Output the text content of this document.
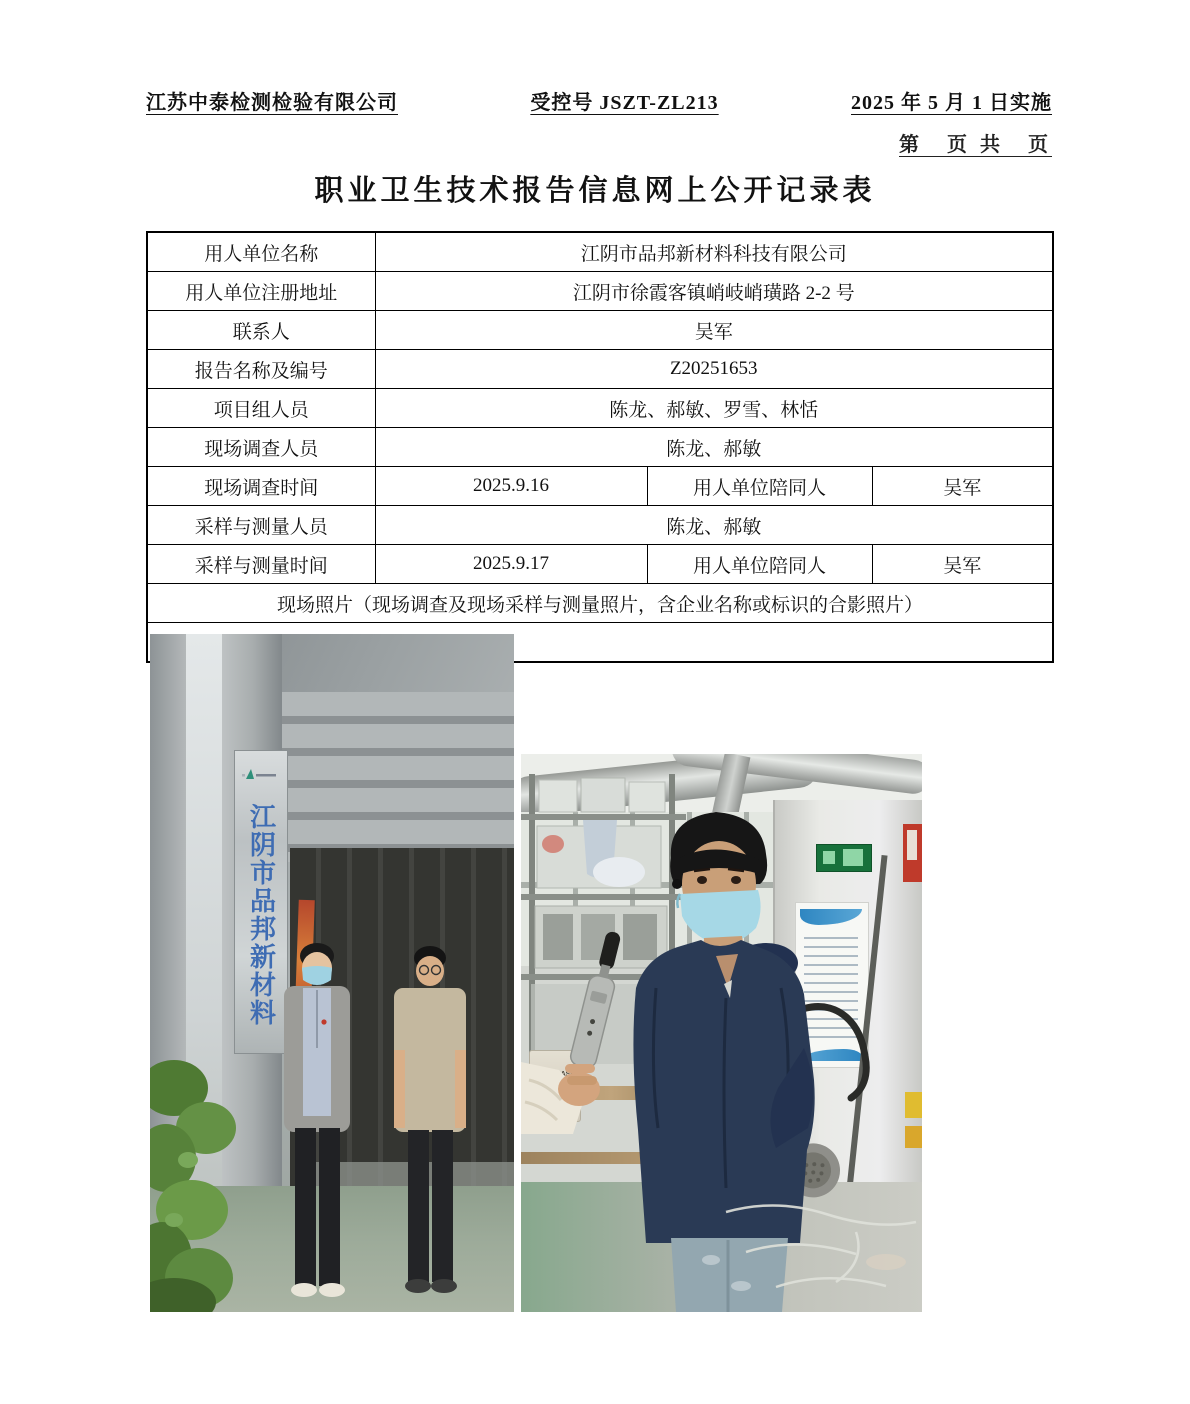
江苏中泰检测检验有限公司	受控号 JSZT-ZL213	2025 年 5 月 1 日实施
第　页 共　页
职业卫生技术报告信息网上公开记录表
用人单位名称	江阴市品邦新材料科技有限公司		
用人单位注册地址	江阴市徐霞客镇峭岐峭璜路 2-2 号		
联系人	吴军		
报告名称及编号	Z20251653		
项目组人员	陈龙、郝敏、罗雪、林恬		
现场调查人员	陈龙、郝敏		
现场调查时间	2025.9.16	用人单位陪同人	吴军
采样与测量人员	陈龙、郝敏		
采样与测量时间	2025.9.17	用人单位陪同人	吴军
现场照片（现场调查及现场采样与测量照片，含企业名称或标识的合影照片）			

江阴市品邦新材料			
